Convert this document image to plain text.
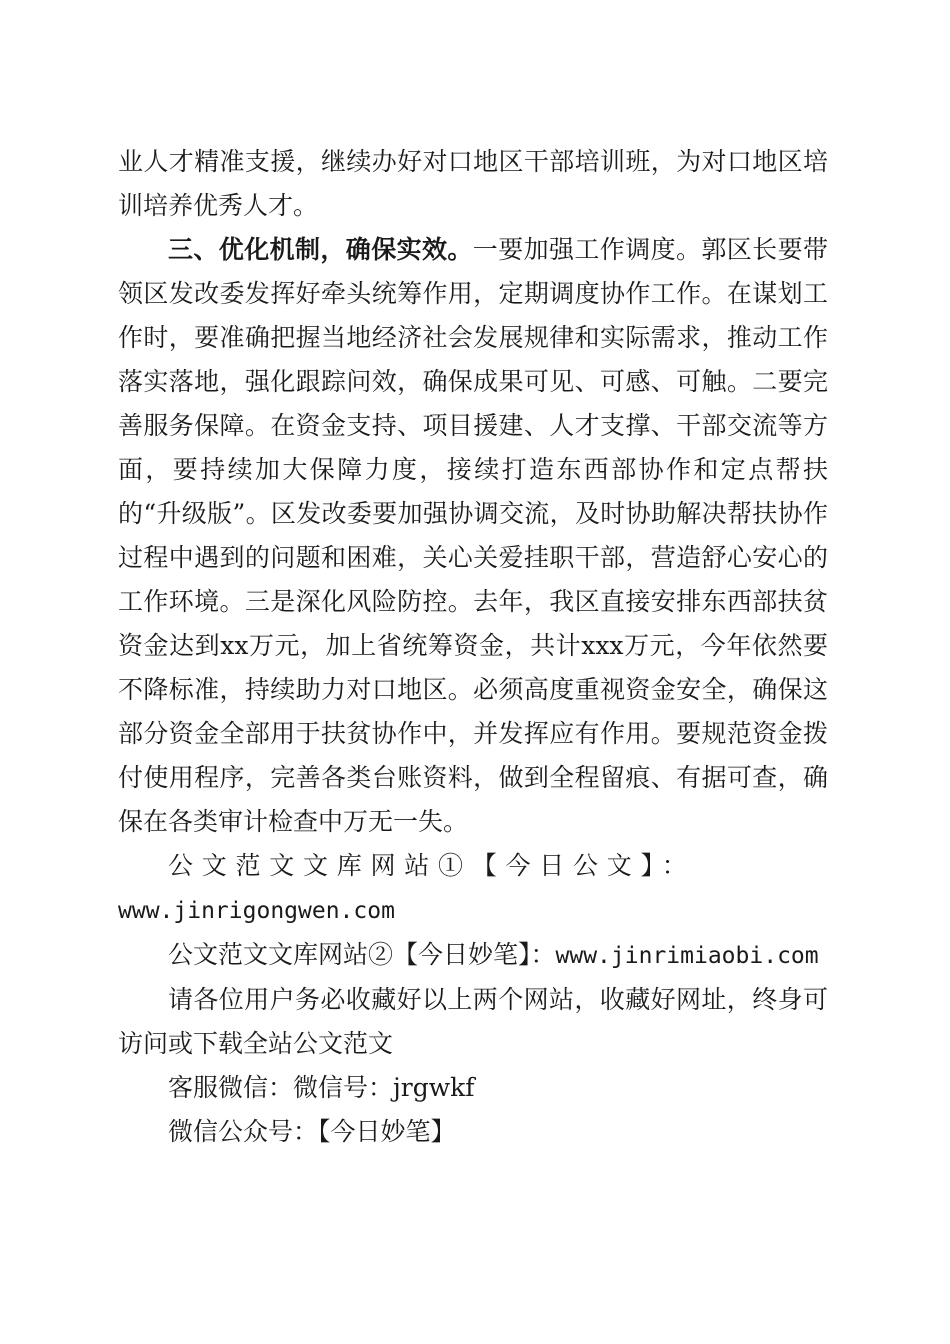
业人才精准支援，继续办好对口地区干部培训班，为对口地区培训培养优秀人才。

三、优化机制，确保实效。一要加强工作调度。郭区长要带领区发改委发挥好牵头统筹作用，定期调度协作工作。在谋划工作时，要准确把握当地经济社会发展规律和实际需求，推动工作落实落地，强化跟踪问效，确保成果可见、可感、可触。二要完善服务保障。在资金支持、项目援建、人才支撑、干部交流等方面，要持续加大保障力度，接续打造东西部协作和定点帮扶的“升级版”。区发改委要加强协调交流，及时协助解决帮扶协作过程中遇到的问题和困难，关心关爱挂职干部，营造舒心安心的工作环境。三是深化风险防控。去年，我区直接安排东西部扶贫资金达到xx万元，加上省统筹资金，共计xxx万元，今年依然要不降标准，持续助力对口地区。必须高度重视资金安全，确保这部分资金全部用于扶贫协作中，并发挥应有作用。要规范资金拨付使用程序，完善各类台账资料，做到全程留痕、有据可查，确保在各类审计检查中万无一失。

公文范文文库网站①【今日公文】：

www.jinrigongwen.com

公文范文文库网站②【今日妙笔】：www.jinrimiaobi.com

请各位用户务必收藏好以上两个网站，收藏好网址，终身可访问或下载全站公文范文

客服微信：微信号：jrgwkf

微信公众号：【今日妙笔】
